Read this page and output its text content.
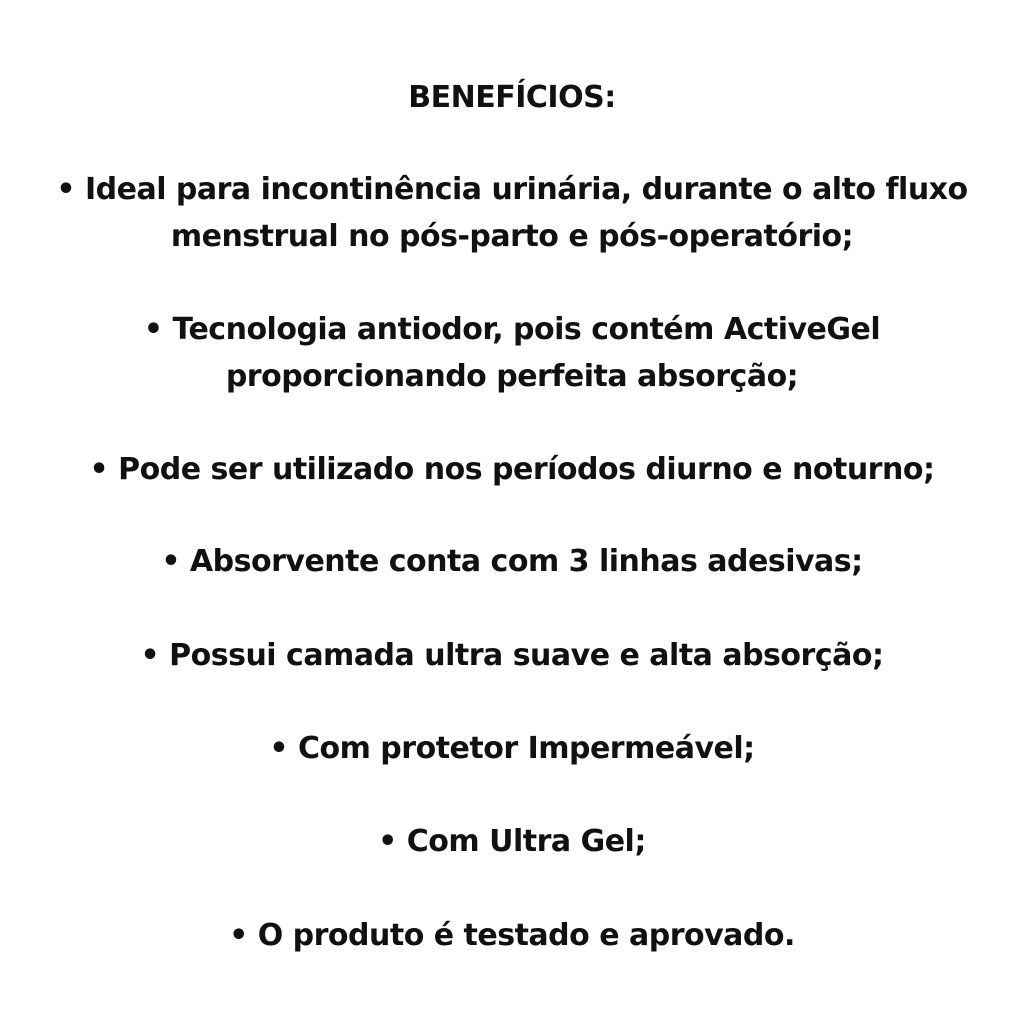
BENEFÍCIOS:

• Ideal para incontinência urinária, durante o alto fluxo
menstrual no pós-parto e pós-operatório;

• Tecnologia antiodor, pois contém ActiveGel
proporcionando perfeita absorção;

• Pode ser utilizado nos períodos diurno e noturno;

• Absorvente conta com 3 linhas adesivas;

• Possui camada ultra suave e alta absorção;

• Com protetor Impermeável;

• Com Ultra Gel;

• O produto é testado e aprovado.
